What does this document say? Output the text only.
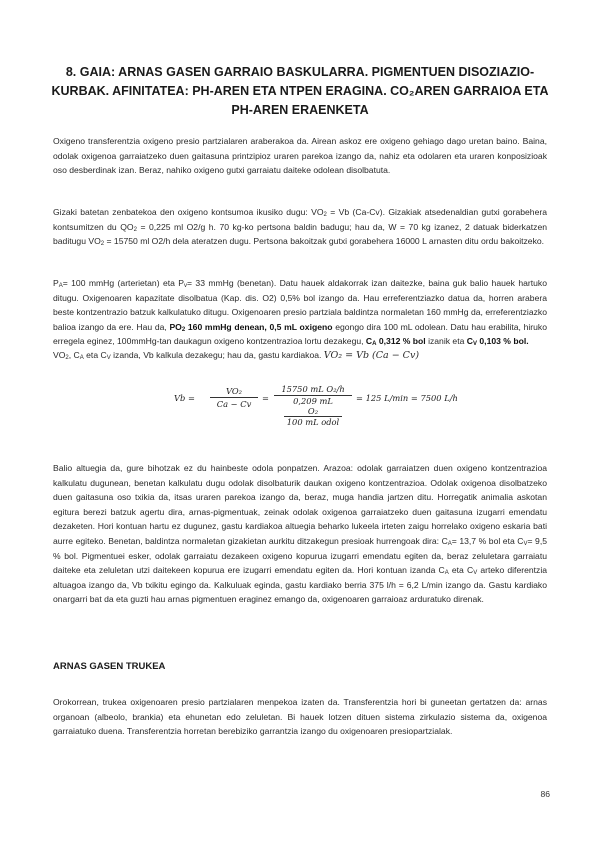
8. GAIA: ARNAS GASEN GARRAIO BASKULARRA. PIGMENTUEN DISOZIAZIO-KURBAK. AFINITATEA: PH-AREN ETA NTPEN ERAGINA. CO₂AREN GARRAIOA ETA PH-AREN ERAENKETA

Oxigeno transferentzia oxigeno presio partzialaren araberakoa da. Airean askoz ere oxigeno gehiago dago uretan baino. Baina, odolak oxigenoa garraiatzeko duen gaitasuna printzipioz uraren parekoa izango da, nahiz eta odolaren eta uraren konposizioak oso desberdinak izan. Beraz, nahiko oxigeno gutxi garraiatu daiteke odolean disolbatuta.

Gizaki batetan zenbatekoa den oxigeno kontsumoa ikusiko dugu: $VO_2 = Vb$ (Ca-Cv). Gizakiak atsedenaldian gutxi gorabehera kontsumitzen du $QO_2 = 0,225$ ml O2/g h. 70 kg-ko pertsona baldin badugu; hau da, W = 70 kg izanez, 2 datuak biderkatzen baditugu $VO_2 = 15750$ ml O2/h dela ateratzen dugu. Pertsona bakoitzak gutxi gorabehera 16000 L arnasten ditu ordu bakoitzeko.

$P_A= 100$ mmHg (arterietan) eta $P_v= 33$ mmHg (benetan). Datu hauek aldakorrak izan daitezke, baina guk balio hauek hartuko ditugu. Oxigenoaren kapazitate disolbatua (Kap. dis. O2) 0,5% bol izango da. Hau erreferentziazko datua da, horren arabera beste kontzentrazio batzuk kalkulatuko ditugu. Oxigenoaren presio partziala baldintza normaletan 160 mmHg da, erreferentziazko balioa izango da ere. Hau da, $PO_2$ 160 mmHg denean, 0,5 mL oxigeno egongo dira 100 mL odolean. Datu hau erabilita, hiruko erregela eginez, 100mmHg-tan daukagun oxigeno kontzentrazioa lortu dezakegu, $C_A$ 0,312 % bol izanik eta $C_V$ 0,103 % bol.

$VO_2$, $C_A$ eta $C_V$ izanda, Vb kalkula dezakegu; hau da, gastu kardiakoa. VO₂ = Vb (Ca − Cv)

$Vb = \frac{\text{VO₂}}{Ca - Cv}$ =
15750 mL O₂/h
0,209 mL O₂
100 mL odol
= 125 L/min = 7500 L/h

Balio altuegia da, gure bihotzak ez du hainbeste odola ponpatzen. Arazoa: odolak garraiatzen duen oxigeno kontzentrazioa kalkulatu dugunean, benetan kalkulatu dugu odolak disolbaturik daukan oxigeno kontzentrazioa. Odolak oxigenoa disolbatzeko duen gaitasuna oso txikia da, itsas uraren parekoa izango da, beraz, muga handia jartzen ditu. Horregatik animalia askotan egitura berezi batzuk agertu dira, arnas-pigmentuak, zeinak odolak oxigenoa garraiatzeko duen gaitasuna izugarri emendatu dezaketen. Hori kontuan hartu ez dugunez, gastu kardiakoa altuegia beharko lukeela irteten zaigu horrelako oxigeno eskaria bati aurre egiteko. Benetan, baldintza normaletan gizakietan aurkitu ditzakegun presioak hurrengoak dira: $C_A= 13,7$ % bol eta $C_V= 9,5$ % bol. Pigmentuei esker, odolak garraiatu dezakeen oxigeno kopurua izugarri emendatu egiten da, beraz zeluletara garraiatu daiteke eta zeluletan utzi daitekeen kopurua ere izugarri emendatu egiten da. Hori kontuan izanda $C_A$ eta $C_V$ arteko diferentzia altuagoa izango da, Vb txikitu egingo da. Kalkuluak eginda, gastu kardiako berria 375 l/h = 6,2 L/min izango da. Gastu kardiako onargarri bat da eta guzti hau arnas pigmentuen eraginez emango da, oxigenoaren garraioaz arduratuko direnak.

ARNAS GASEN TRUKEA

Orokorrean, trukea oxigenoaren presio partzialaren menpekoa izaten da. Transferentzia hori bi guneetan gertatzen da: arnas organoan (albeolo, brankia) eta ehunetan edo zeluletan. Bi hauek lotzen dituen sistema zirkulazio sistema da, oxigenoa garraiatuko duena. Transferentzia horretan berebiziko garrantzia izango du oxigenoaren presiopartzialak.

86
